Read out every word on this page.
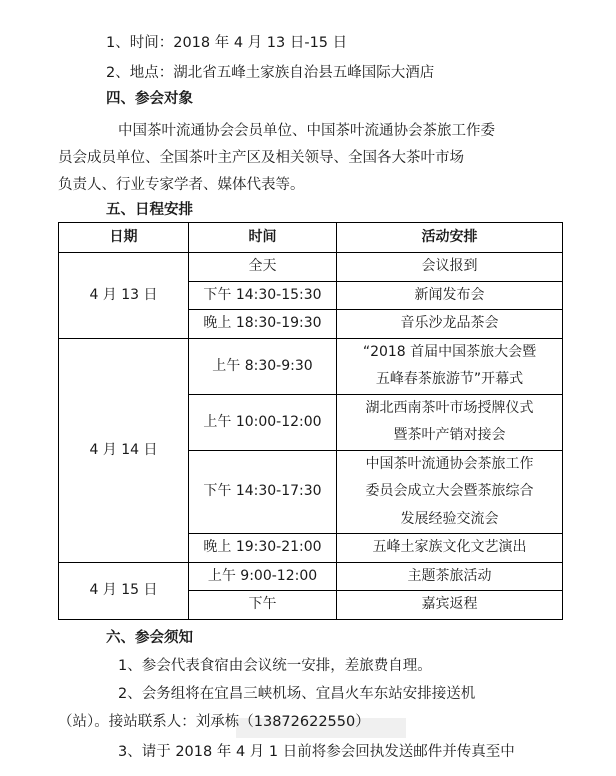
1、时间：2018 年 4 月 13 日-15 日
2、地点：湖北省五峰土家族自治县五峰国际大酒店
四、参会对象
中国茶叶流通协会会员单位、中国茶叶流通协会茶旅工作委
员会成员单位、全国茶叶主产区及相关领导、全国各大茶叶市场
负责人、行业专家学者、媒体代表等。
五、日程安排
日期	时间	活动安排
4 月 13 日	全天	会议报到
	下午 14:30-15:30	新闻发布会
	晚上 18:30-19:30	音乐沙龙品茶会
4 月 14 日	上午 8:30-9:30	“2018 首届中国茶旅大会暨
五峰春茶旅游节”开幕式

	上午 10:00-12:00	湖北西南茶叶市场授牌仪式
暨茶叶产销对接会

	下午 14:30-17:30	中国茶叶流通协会茶旅工作
委员会成立大会暨茶旅综合
发展经验交流会

	晚上 19:30-21:00	五峰土家族文化文艺演出
4 月 15 日	上午 9:00-12:00	主题茶旅活动
	下午	嘉宾返程
六、参会须知
1、参会代表食宿由会议统一安排，差旅费自理。
2、会务组将在宜昌三峡机场、宜昌火车东站安排接送机
（站）。接站联系人：刘承栋（13872622550）
3、请于 2018 年 4 月 1 日前将参会回执发送邮件并传真至中
